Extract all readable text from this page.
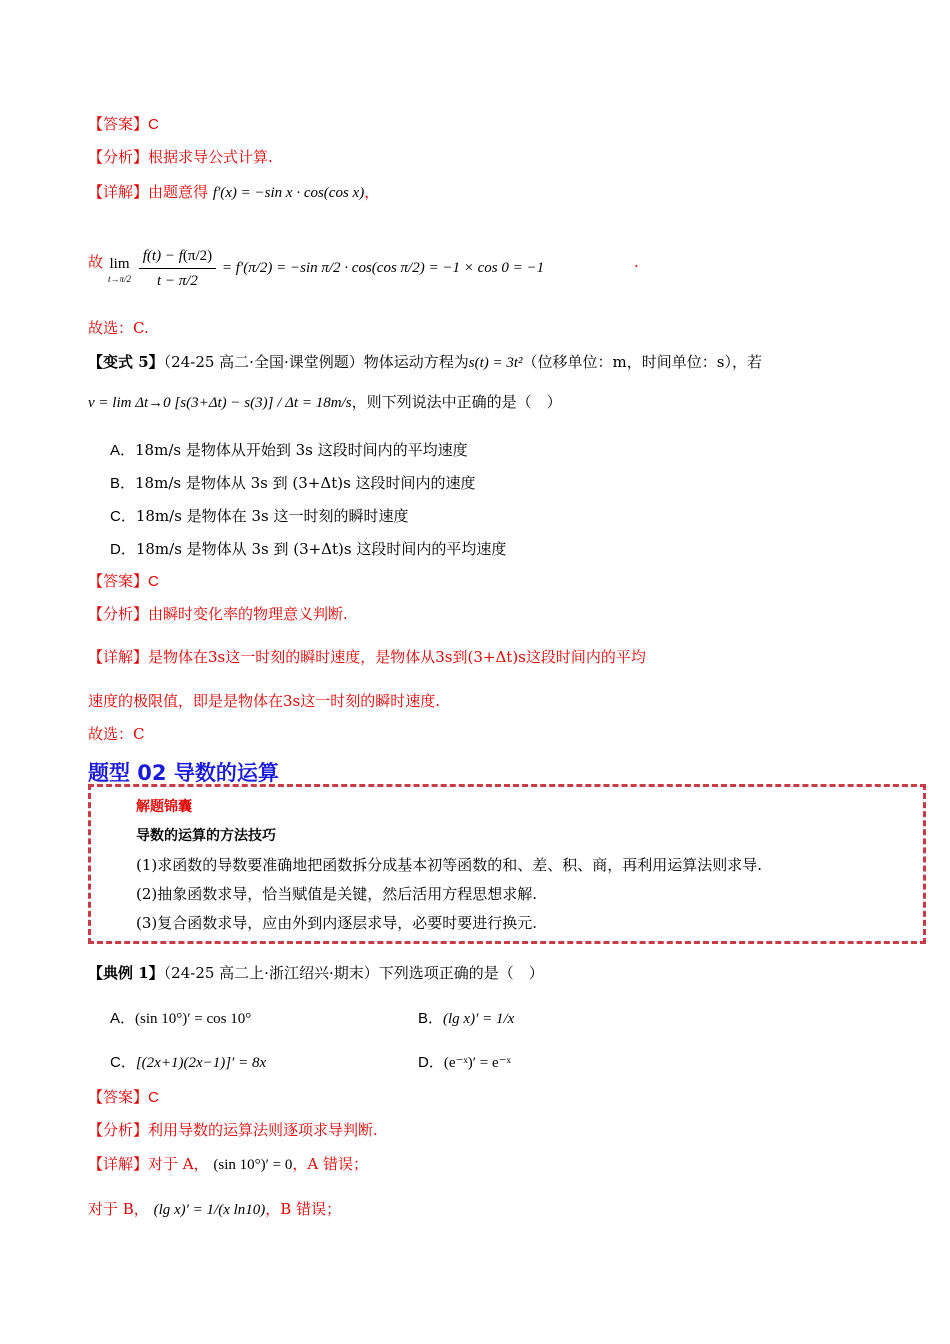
【答案】C
【分析】根据求导公式计算.
【详解】由题意得 f′(x) = −sin x · cos(cos x)，
故 lim
t→π/2
$\frac{f(t) - f(\pi/2)}{t - \pi/2} = f'(\pi/2) = -\sin$ π/2 · cos(cos π/2) = −1 × cos 0 = −1	.
故选：C.
【变式 5】（24-25 高二·全国·课堂例题）物体运动方程为s(t) = 3t²（位移单位：m，时间单位：s），若
v = lim Δt→0 [s(3+Δt) − s(3)] / Δt = 18m/s，则下列说法中正确的是（　）
A．18m/s 是物体从开始到 3s 这段时间内的平均速度
B．18m/s 是物体从 3s 到 (3+Δt)s 这段时间内的速度
C．18m/s 是物体在 3s 这一时刻的瞬时速度
D．18m/s 是物体从 3s 到 (3+Δt)s 这段时间内的平均速度
【答案】C
【分析】由瞬时变化率的物理意义判断.
【详解】是物体在3s这一时刻的瞬时速度，是物体从3s到(3+Δt)s这段时间内的平均
速度的极限值，即是是物体在3s这一时刻的瞬时速度.
故选：C
题型 02 导数的运算
解题锦囊
导数的运算的方法技巧
(1)求函数的导数要准确地把函数拆分成基本初等函数的和、差、积、商，再利用运算法则求导.
(2)抽象函数求导，恰当赋值是关键，然后活用方程思想求解.
(3)复合函数求导，应由外到内逐层求导，必要时要进行换元.
【典例 1】（24-25 高二上·浙江绍兴·期末）下列选项正确的是（　）
A．(sin 10°)′ = cos 10°	B．(lg x)′ = 1/x
C．[(2x+1)(2x−1)]′ = 8x	D．(e⁻ˣ)′ = e⁻ˣ
【答案】C
【分析】利用导数的运算法则逐项求导判断.
【详解】对于 A， (sin 10°)′ = 0，A 错误；
对于 B， (lg x)′ = 1/(x ln10)，B 错误；
